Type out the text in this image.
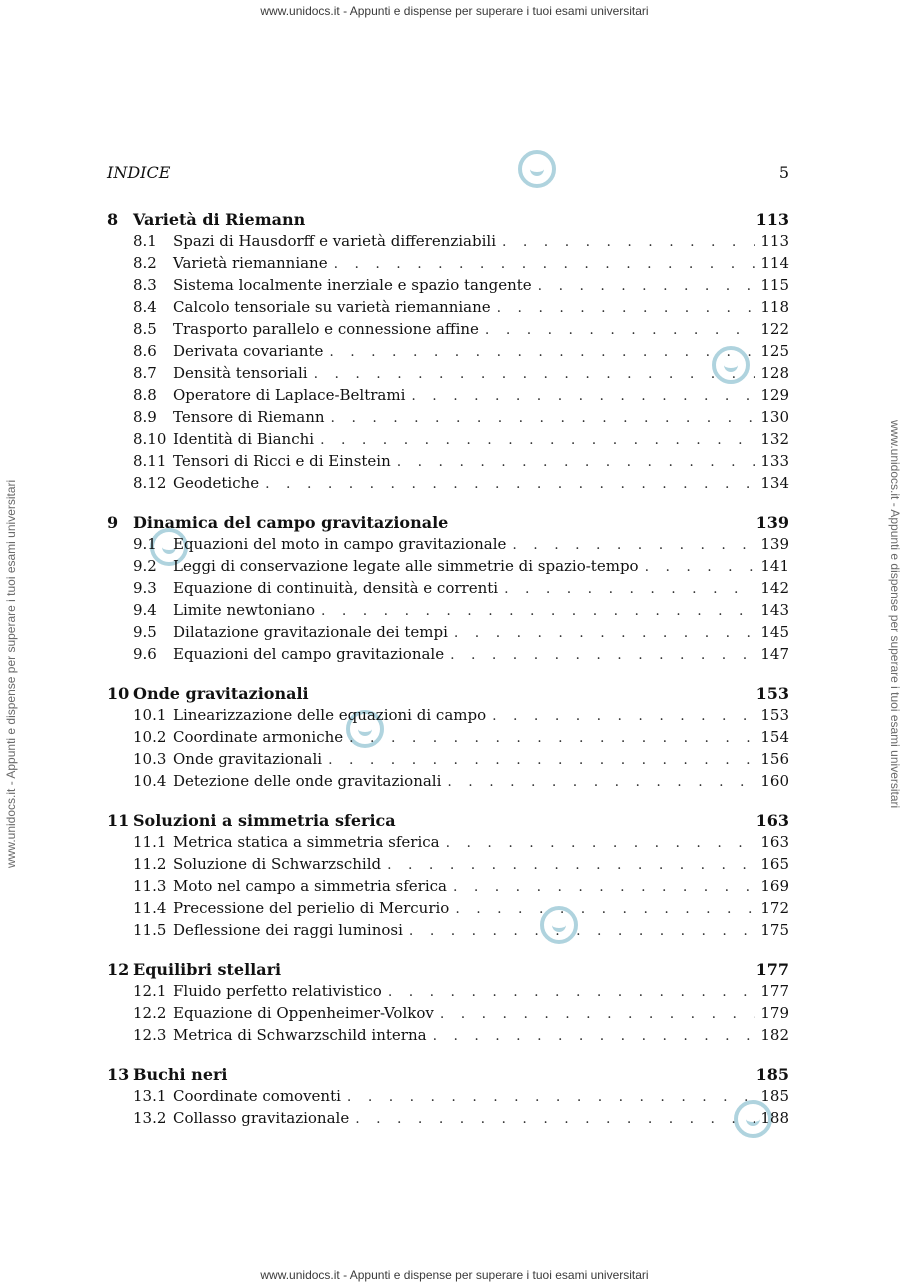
www.unidocs.it - Appunti e dispense per superare i tuoi esami universitari
www.unidocs.it - Appunti e dispense per superare i tuoi esami universitari	www.unidocs.it - Appunti e dispense per superare i tuoi esami universitari
INDICE	5
8 Varietà di Riemann	113
8.1	Spazi di Hausdorff e varietà differenziabili . . .	113
8.2	Varietà riemanniane . . .	114
8.3	Sistema localmente inerziale e spazio tangente . . .	115
8.4	Calcolo tensoriale su varietà riemanniane . . .	118
8.5	Trasporto parallelo e connessione affine . . .	122
8.6	Derivata covariante . . .	125
8.7	Densità tensoriali . . .	128
8.8	Operatore di Laplace-Beltrami . . .	129
8.9	Tensore di Riemann . . .	130
8.10 Identità di Bianchi . . .	132
8.11 Tensori di Ricci e di Einstein . . .	133
8.12 Geodetiche . . .	134
9 Dinamica del campo gravitazionale	139
9.1	Equazioni del moto in campo gravitazionale . . .	139
9.2	Leggi di conservazione legate alle simmetrie di spazio-tempo . . .	141
9.3	Equazione di continuità, densità e correnti . . .	142
9.4	Limite newtoniano . . .	143
9.5	Dilatazione gravitazionale dei tempi . . .	145
9.6	Equazioni del campo gravitazionale . . .	147
10 Onde gravitazionali	153
10.1 Linearizzazione delle equazioni di campo . . .	153
10.2 Coordinate armoniche . . .	154
10.3 Onde gravitazionali . . .	156
10.4 Detezione delle onde gravitazionali . . .	160
11 Soluzioni a simmetria sferica	163
11.1 Metrica statica a simmetria sferica . . .	163
11.2 Soluzione di Schwarzschild . . .	165
11.3 Moto nel campo a simmetria sferica . . .	169
11.4 Precessione del perielio di Mercurio . . .	172
11.5 Deflessione dei raggi luminosi . . .	175
12 Equilibri stellari	177
12.1 Fluido perfetto relativistico . . .	177
12.2 Equazione di Oppenheimer-Volkov . . .	179
12.3 Metrica di Schwarzschild interna . . .	182
13 Buchi neri	185
13.1 Coordinate comoventi . . .	185
13.2 Collasso gravitazionale . . .	188
www.unidocs.it - Appunti e dispense per superare i tuoi esami universitari
